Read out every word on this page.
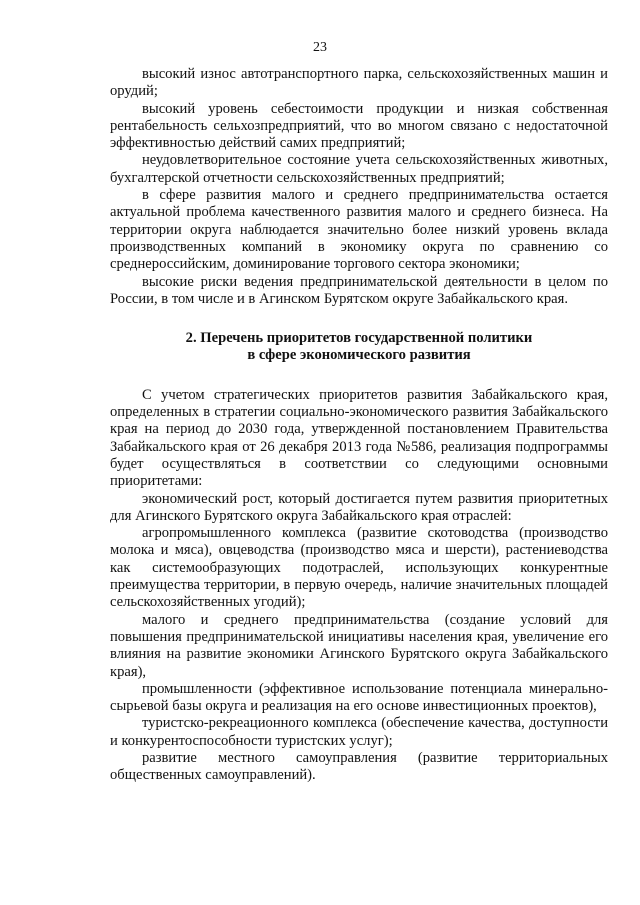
23

высокий износ автотранспортного парка, сельскохозяйственных машин и орудий;

высокий уровень себестоимости продукции и низкая собственная рентабельность сельхозпредприятий, что во многом связано с недостаточной эффективностью действий самих предприятий;

неудовлетворительное состояние учета сельскохозяйственных животных, бухгалтерской отчетности сельскохозяйственных предприятий;

в сфере развития малого и среднего предпринимательства остается актуальной проблема качественного развития малого и среднего бизнеса. На территории округа наблюдается значительно более низкий уровень вклада производственных компаний в экономику округа по сравнению со среднероссийским, доминирование торгового сектора экономики;

высокие риски ведения предпринимательской деятельности в целом по России, в том числе и в Агинском Бурятском округе Забайкальского края.

2. Перечень приоритетов государственной политики
в сфере экономического развития

С учетом стратегических приоритетов развития Забайкальского края, определенных в стратегии социально-экономического развития Забайкальского края на период до 2030 года, утвержденной постановлением Правительства Забайкальского края от 26 декабря 2013 года №586, реализация подпрограммы будет осуществляться в соответствии со следующими основными приоритетами:

экономический рост, который достигается путем развития приоритетных для Агинского Бурятского округа Забайкальского края отраслей:

агропромышленного комплекса (развитие скотоводства (производство молока и мяса), овцеводства (производство мяса и шерсти), растениеводства как системообразующих подотраслей, использующих конкурентные преимущества территории, в первую очередь, наличие значительных площадей сельскохозяйственных угодий);

малого и среднего предпринимательства (создание условий для повышения предпринимательской инициативы населения края, увеличение его влияния на развитие экономики Агинского Бурятского округа Забайкальского края),

промышленности (эффективное использование потенциала минерально-сырьевой базы округа и реализация на его основе инвестиционных проектов),

туристско-рекреационного комплекса (обеспечение качества, доступности и конкурентоспособности туристских услуг);

развитие местного самоуправления (развитие территориальных общественных самоуправлений).
